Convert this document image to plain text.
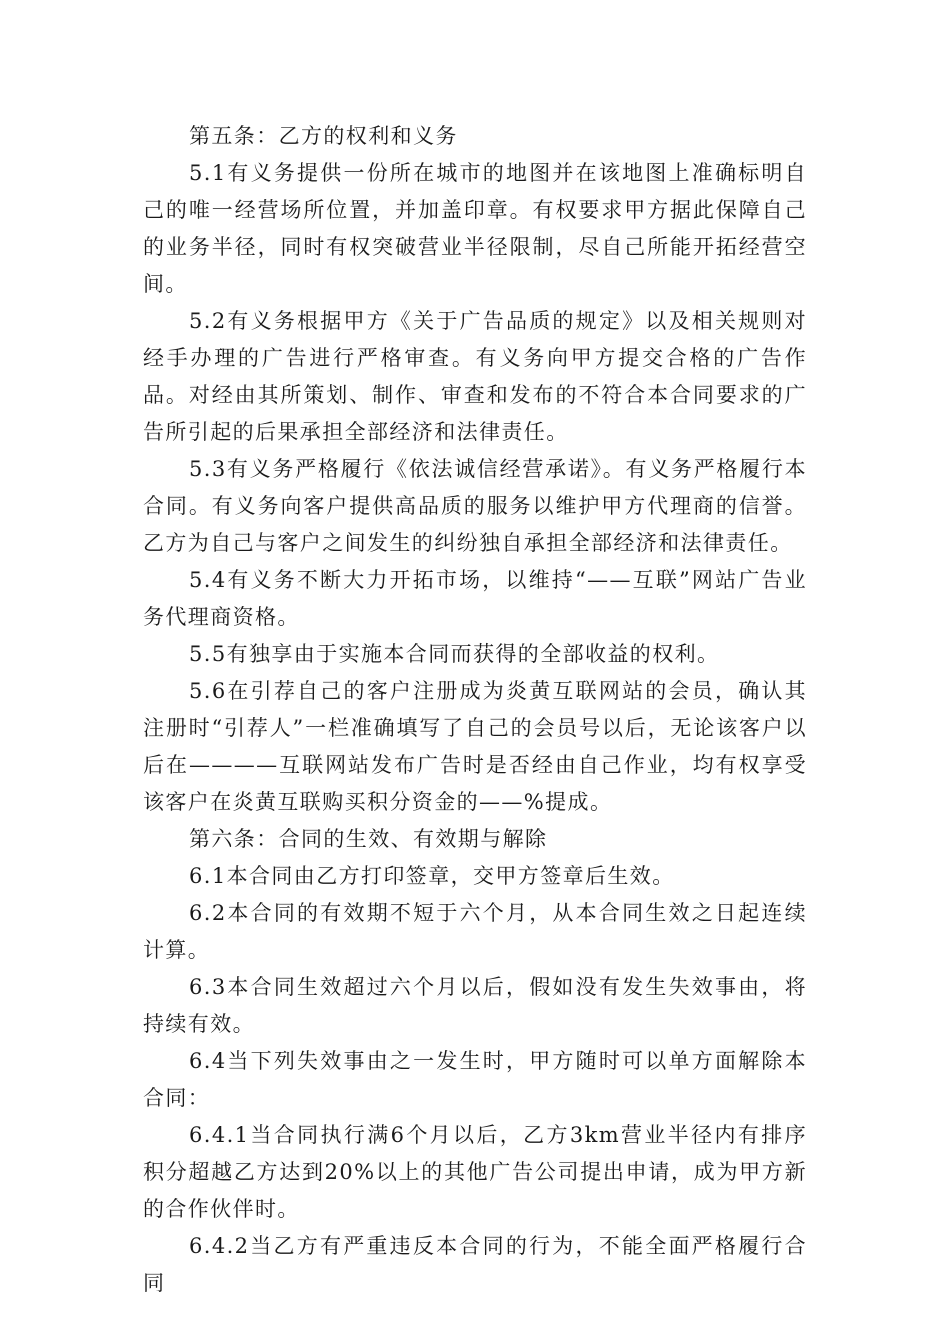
第五条：乙方的权利和义务

5.1有义务提供一份所在城市的地图并在该地图上准确标明自己的唯一经营场所位置，并加盖印章。有权要求甲方据此保障自己的业务半径，同时有权突破营业半径限制，尽自己所能开拓经营空间。

5.2有义务根据甲方《关于广告品质的规定》以及相关规则对经手办理的广告进行严格审查。有义务向甲方提交合格的广告作品。对经由其所策划、制作、审查和发布的不符合本合同要求的广告所引起的后果承担全部经济和法律责任。

5.3有义务严格履行《依法诚信经营承诺》。有义务严格履行本合同。有义务向客户提供高品质的服务以维护甲方代理商的信誉。乙方为自己与客户之间发生的纠纷独自承担全部经济和法律责任。

5.4有义务不断大力开拓市场，以维持“——互联”网站广告业务代理商资格。

5.5有独享由于实施本合同而获得的全部收益的权利。

5.6在引荐自己的客户注册成为炎黄互联网站的会员，确认其注册时“引荐人”一栏准确填写了自己的会员号以后，无论该客户以后在————互联网站发布广告时是否经由自己作业，均有权享受该客户在炎黄互联购买积分资金的——%提成。

第六条：合同的生效、有效期与解除

6.1本合同由乙方打印签章，交甲方签章后生效。

6.2本合同的有效期不短于六个月，从本合同生效之日起连续计算。

6.3本合同生效超过六个月以后，假如没有发生失效事由，将持续有效。

6.4当下列失效事由之一发生时，甲方随时可以单方面解除本合同：

6.4.1当合同执行满6个月以后，乙方3km营业半径内有排序积分超越乙方达到20%以上的其他广告公司提出申请，成为甲方新的合作伙伴时。

6.4.2当乙方有严重违反本合同的行为，不能全面严格履行合同
